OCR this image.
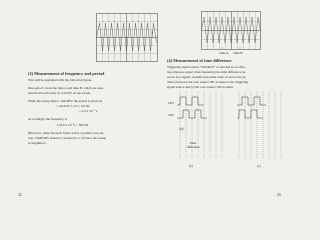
1 ms
(3) Measurement of frequency and period
This will be explained with the following figure.
One period covers the time A and time B, which are sepa-
rated from each other by 2.0 DIV on the screen.
When the sweep time is 1ms/DIV, the period is given by
1 ms/DIV x 2.0 = 2.0 ms
= 2.0 x 10⁻³ s
Accordingly, the frequency is
1/(2.0 x 10⁻³) = 500 Hz
(However, when the knob MAG x10 is at pulled out posi-
tion, TIME/DIV must be converted to 1/10 since the sweep
is magnified.)
22
Time A Time B
(4) Measurement of time difference
Triggering signal source "SOURCE" is selected as an offer-
ing reference signal when measuring the time difference be-
tween two signals. Assume that pulse trains as shown in (a).
Then (b) shows the case where CH1 is taken as the triggering
signal source and (c) the case where CH2 is taken.
CH1
CH2
Time difference
(b)	(c)
23
